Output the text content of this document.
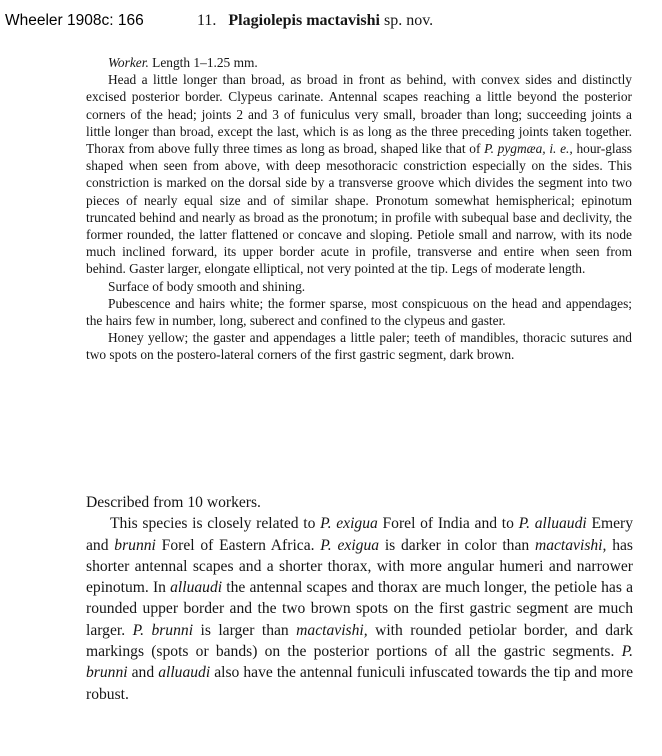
Wheeler 1908c: 166	11. Plagiolepis mactavishi sp. nov.

Worker. Length 1–1.25 mm.

Head a little longer than broad, as broad in front as behind, with convex sides and distinctly excised posterior border. Clypeus carinate. Antennal scapes reaching a little beyond the posterior corners of the head; joints 2 and 3 of funiculus very small, broader than long; succeeding joints a little longer than broad, except the last, which is as long as the three preceding joints taken together. Thorax from above fully three times as long as broad, shaped like that of P. pygmæa, i. e., hour-glass shaped when seen from above, with deep mesothoracic constriction especially on the sides. This constriction is marked on the dorsal side by a transverse groove which divides the segment into two pieces of nearly equal size and of similar shape. Pronotum somewhat hemispherical; epinotum truncated behind and nearly as broad as the pronotum; in profile with subequal base and declivity, the former rounded, the latter flattened or concave and sloping. Petiole small and narrow, with its node much inclined forward, its upper border acute in profile, transverse and entire when seen from behind. Gaster larger, elongate elliptical, not very pointed at the tip. Legs of moderate length.

Surface of body smooth and shining.

Pubescence and hairs white; the former sparse, most conspicuous on the head and appendages; the hairs few in number, long, suberect and confined to the clypeus and gaster.

Honey yellow; the gaster and appendages a little paler; teeth of mandibles, thoracic sutures and two spots on the postero-lateral corners of the first gastric segment, dark brown.

Described from 10 workers.

This species is closely related to P. exigua Forel of India and to P. alluaudi Emery and brunni Forel of Eastern Africa. P. exigua is darker in color than mactavishi, has shorter antennal scapes and a shorter thorax, with more angular humeri and narrower epinotum. In alluaudi the antennal scapes and thorax are much longer, the petiole has a rounded upper border and the two brown spots on the first gastric segment are much larger. P. brunni is larger than mactavishi, with rounded petiolar border, and dark markings (spots or bands) on the posterior portions of all the gastric segments. P. brunni and alluaudi also have the antennal funiculi infuscated towards the tip and more robust.
